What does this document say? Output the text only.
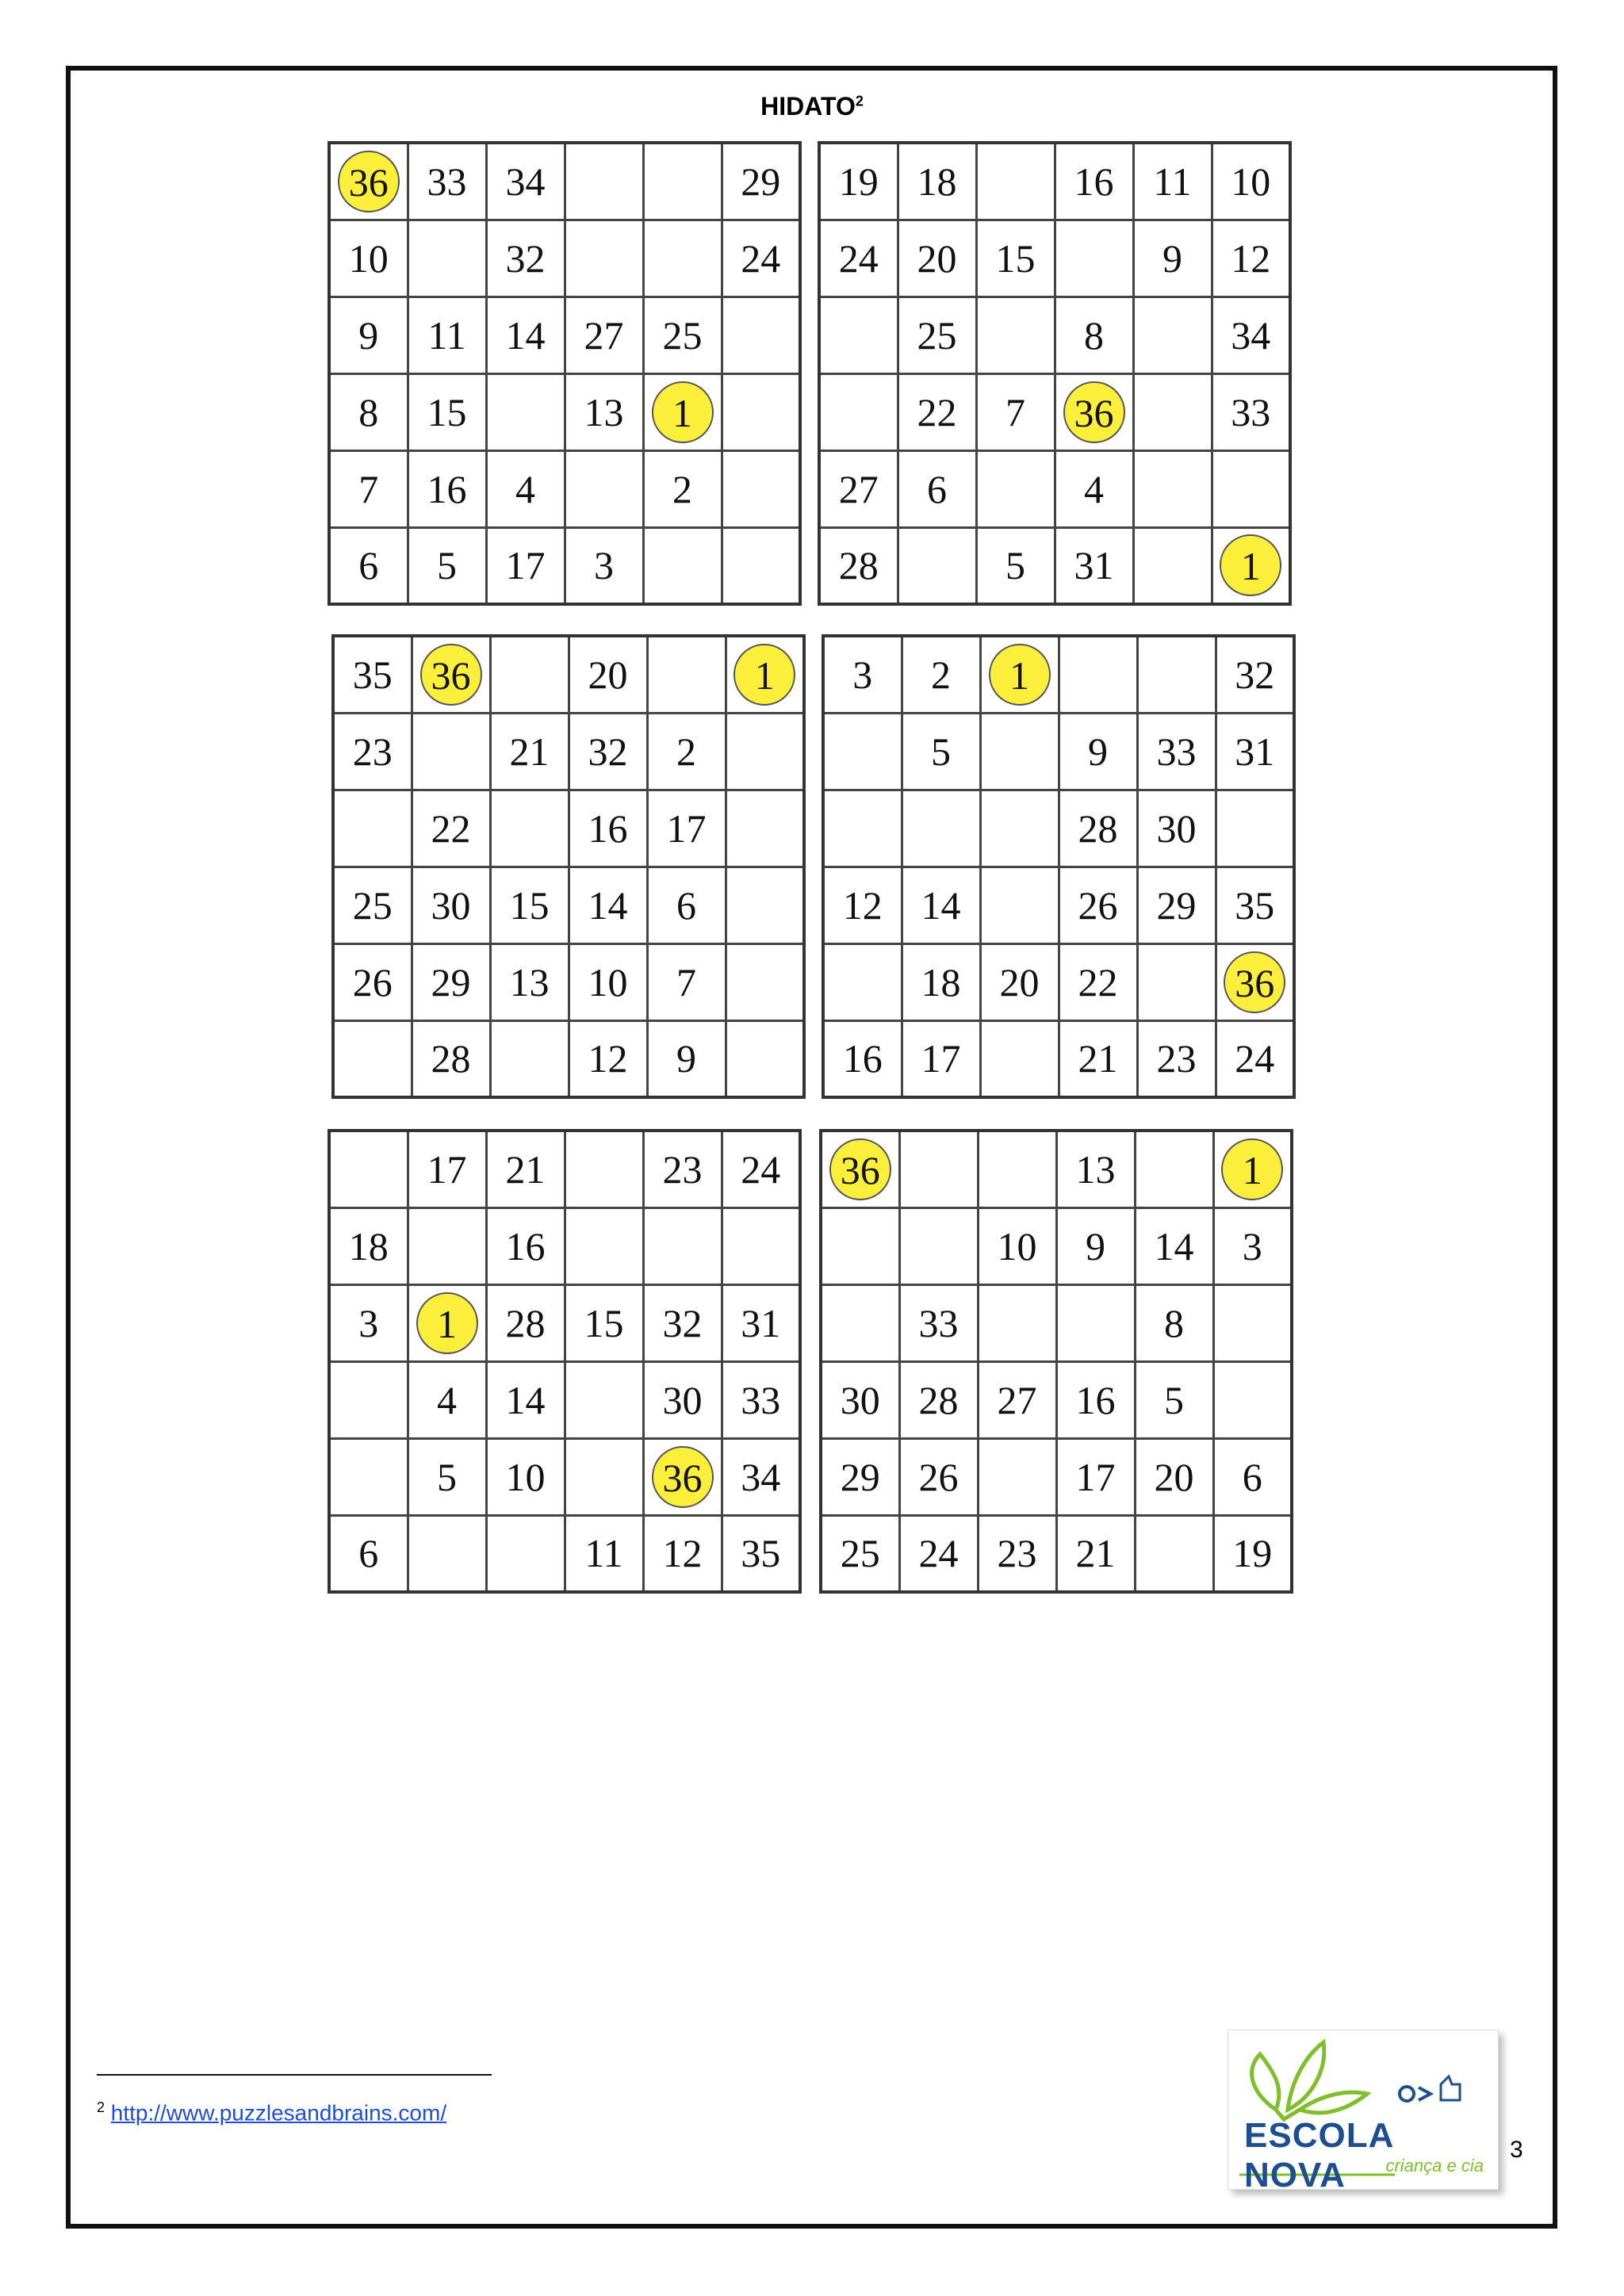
HIDATO$^2$
36	33	34			29
10		32			24
9	11	14	27	25	
8	15		13	1	
7	16	4		2	
6	5	17	3		
19	18		16	11	10
24	20	15		9	12
	25		8		34
	22	7	36		33
27	6		4		
28		5	31		1
35	36		20		1
23		21	32	2	
	22		16	17	
25	30	15	14	6	
26	29	13	10	7	
	28		12	9	
3	2	1			32
	5		9	33	31
			28	30	
12	14		26	29	35
	18	20	22		36
16	17		21	23	24
	17	21		23	24
18		16			
3	1	28	15	32	31
	4	14		30	33
	5	10		36	34
6			11	12	35
36			13		1
		10	9	14	3
	33			8	
30	28	27	16	5	
29	26		17	20	6
25	24	23	21		19
$^2$ http://www.puzzlesandbrains.com/
ESCOLA NOVA	criança e cia
3
